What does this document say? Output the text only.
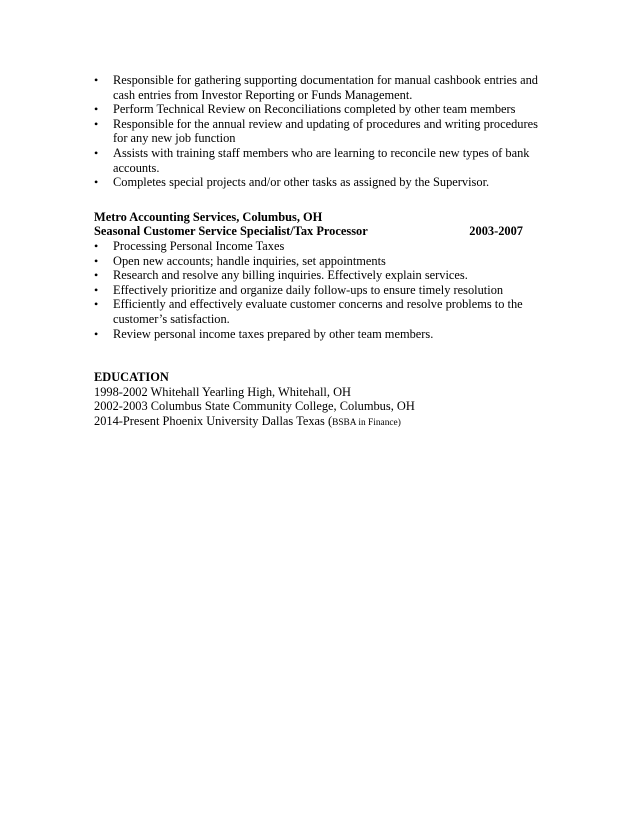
•	Responsible for gathering supporting documentation for manual cashbook entries and cash entries from Investor Reporting or Funds Management.
•	Perform Technical Review on Reconciliations completed by other team members
•	Responsible for the annual review and updating of procedures and writing procedures for any new job function
•	Assists with training staff members who are learning to reconcile new types of bank accounts.
•	Completes special projects and/or other tasks as assigned by the Supervisor.
Metro Accounting Services, Columbus, OH
Seasonal Customer Service Specialist/Tax Processor	2003-2007
•	Processing Personal Income Taxes
•	Open new accounts; handle inquiries, set appointments
•	Research and resolve any billing inquiries. Effectively explain services.
•	Effectively prioritize and organize daily follow-ups to ensure timely resolution
•	Efficiently and effectively evaluate customer concerns and resolve problems to the customer’s satisfaction.
•	Review personal income taxes prepared by other team members.
EDUCATION
1998-2002 Whitehall Yearling High, Whitehall, OH
2002-2003 Columbus State Community College, Columbus, OH
2014-Present Phoenix University Dallas Texas (BSBA in Finance)
